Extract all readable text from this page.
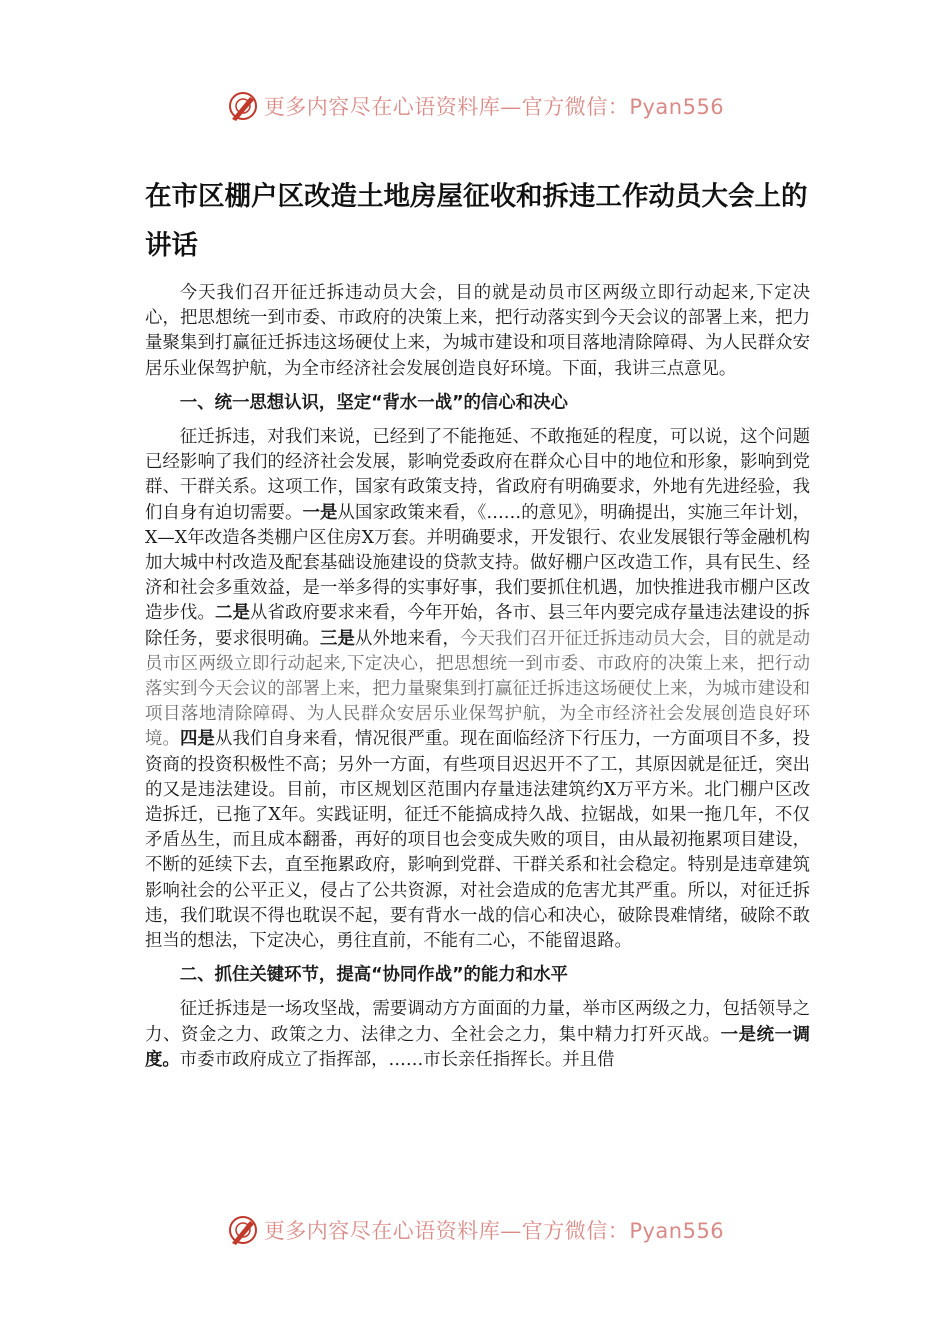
更多内容尽在心语资料库—官方微信：Pyan556
在市区棚户区改造土地房屋征收和拆违工作动员大会上的讲话

今天我们召开征迁拆违动员大会，目的就是动员市区两级立即行动起来,下定决心，把思想统一到市委、市政府的决策上来，把行动落实到今天会议的部署上来，把力量聚集到打赢征迁拆违这场硬仗上来，为城市建设和项目落地清除障碍、为人民群众安居乐业保驾护航，为全市经济社会发展创造良好环境。下面，我讲三点意见。

一、统一思想认识，坚定“背水一战”的信心和决心

征迁拆违，对我们来说，已经到了不能拖延、不敢拖延的程度，可以说，这个问题已经影响了我们的经济社会发展，影响党委政府在群众心目中的地位和形象，影响到党群、干群关系。这项工作，国家有政策支持，省政府有明确要求，外地有先进经验，我们自身有迫切需要。一是从国家政策来看，《……的意见》，明确提出，实施三年计划，X—X年改造各类棚户区住房X万套。并明确要求，开发银行、农业发展银行等金融机构加大城中村改造及配套基础设施建设的贷款支持。做好棚户区改造工作，具有民生、经济和社会多重效益，是一举多得的实事好事，我们要抓住机遇，加快推进我市棚户区改造步伐。二是从省政府要求来看，今年开始，各市、县三年内要完成存量违法建设的拆除任务，要求很明确。三是从外地来看，今天我们召开征迁拆违动员大会，目的就是动员市区两级立即行动起来,下定决心，把思想统一到市委、市政府的决策上来，把行动落实到今天会议的部署上来，把力量聚集到打赢征迁拆违这场硬仗上来，为城市建设和项目落地清除障碍、为人民群众安居乐业保驾护航，为全市经济社会发展创造良好环境。四是从我们自身来看，情况很严重。现在面临经济下行压力，一方面项目不多，投资商的投资积极性不高；另外一方面，有些项目迟迟开不了工，其原因就是征迁，突出的又是违法建设。目前，市区规划区范围内存量违法建筑约X万平方米。北门棚户区改造拆迁，已拖了X年。实践证明，征迁不能搞成持久战、拉锯战，如果一拖几年，不仅矛盾丛生，而且成本翻番，再好的项目也会变成失败的项目，由从最初拖累项目建设，不断的延续下去，直至拖累政府，影响到党群、干群关系和社会稳定。特别是违章建筑影响社会的公平正义，侵占了公共资源，对社会造成的危害尤其严重。所以，对征迁拆违，我们耽误不得也耽误不起，要有背水一战的信心和决心，破除畏难情绪，破除不敢担当的想法，下定决心，勇往直前，不能有二心，不能留退路。

二、抓住关键环节，提高“协同作战”的能力和水平

征迁拆违是一场攻坚战，需要调动方方面面的力量，举市区两级之力，包括领导之力、资金之力、政策之力、法律之力、全社会之力，集中精力打歼灭战。一是统一调度。市委市政府成立了指挥部，……市长亲任指挥长。并且借

更多内容尽在心语资料库—官方微信：Pyan556
